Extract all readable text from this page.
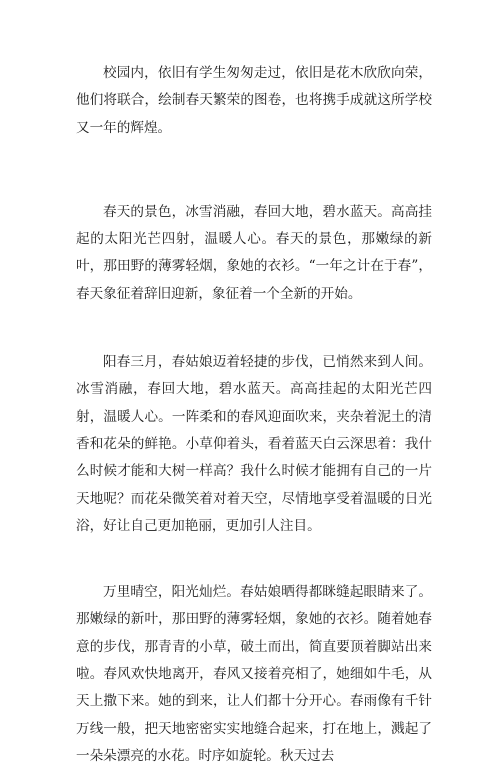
校园内，依旧有学生匆匆走过，依旧是花木欣欣向荣，他们将联合，绘制春天繁荣的图卷，也将携手成就这所学校又一年的辉煌。

春天的景色，冰雪消融，春回大地，碧水蓝天。高高挂起的太阳光芒四射，温暖人心。春天的景色，那嫩绿的新叶，那田野的薄雾轻烟，象她的衣衫。“一年之计在于春”，春天象征着辞旧迎新，象征着一个全新的开始。

阳春三月，春姑娘迈着轻捷的步伐，已悄然来到人间。冰雪消融，春回大地，碧水蓝天。高高挂起的太阳光芒四射，温暖人心。一阵柔和的春风迎面吹来，夹杂着泥土的清香和花朵的鲜艳。小草仰着头，看着蓝天白云深思着：我什么时候才能和大树一样高？我什么时候才能拥有自己的一片天地呢？而花朵微笑着对着天空，尽情地享受着温暖的日光浴，好让自己更加艳丽，更加引人注目。

万里晴空，阳光灿烂。春姑娘晒得都眯缝起眼睛来了。那嫩绿的新叶，那田野的薄雾轻烟，象她的衣衫。随着她春意的步伐，那青青的小草，破土而出，简直要顶着脚站出来啦。春风欢快地离开，春风又接着亮相了，她细如牛毛，从天上撒下来。她的到来，让人们都十分开心。春雨像有千针万线一般，把天地密密实实地缝合起来，打在地上，溅起了一朵朵漂亮的水花。时序如旋轮。秋天过去
